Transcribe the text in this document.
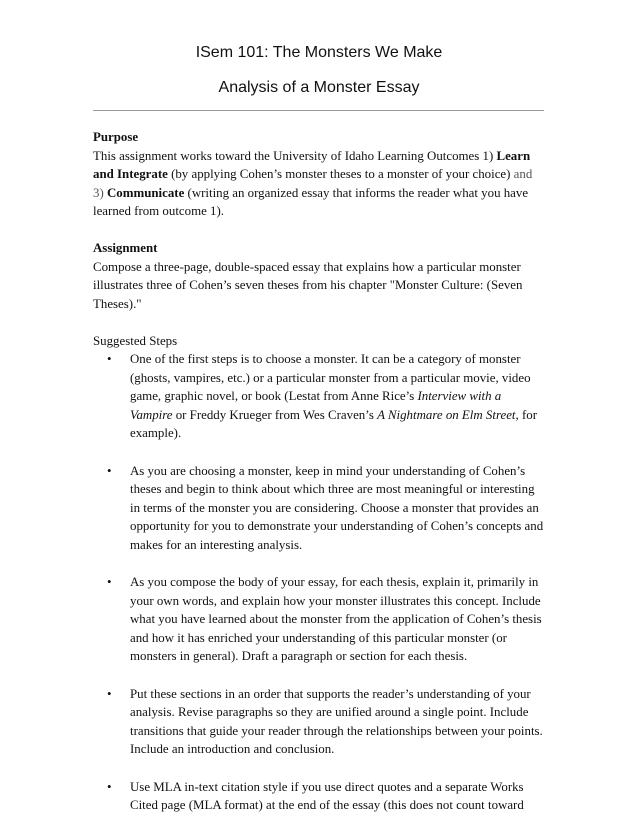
ISem 101: The Monsters We Make
Analysis of a Monster Essay
Purpose
This assignment works toward the University of Idaho Learning Outcomes 1) Learn and Integrate (by applying Cohen’s monster theses to a monster of your choice) and 3) Communicate (writing an organized essay that informs the reader what you have learned from outcome 1).
Assignment
Compose a three-page, double-spaced essay that explains how a particular monster illustrates three of Cohen’s seven theses from his chapter "Monster Culture: (Seven Theses)."
Suggested Steps
• One of the first steps is to choose a monster. It can be a category of monster (ghosts, vampires, etc.) or a particular monster from a particular movie, video game, graphic novel, or book (Lestat from Anne Rice’s Interview with a Vampire or Freddy Krueger from Wes Craven’s A Nightmare on Elm Street, for example).
• As you are choosing a monster, keep in mind your understanding of Cohen’s theses and begin to think about which three are most meaningful or interesting in terms of the monster you are considering. Choose a monster that provides an opportunity for you to demonstrate your understanding of Cohen’s concepts and makes for an interesting analysis.
• As you compose the body of your essay, for each thesis, explain it, primarily in your own words, and explain how your monster illustrates this concept. Include what you have learned about the monster from the application of Cohen’s thesis and how it has enriched your understanding of this particular monster (or monsters in general). Draft a paragraph or section for each thesis.
• Put these sections in an order that supports the reader’s understanding of your analysis. Revise paragraphs so they are unified around a single point. Include transitions that guide your reader through the relationships between your points. Include an introduction and conclusion.
• Use MLA in-text citation style if you use direct quotes and a separate Works Cited page (MLA format) at the end of the essay (this does not count toward
